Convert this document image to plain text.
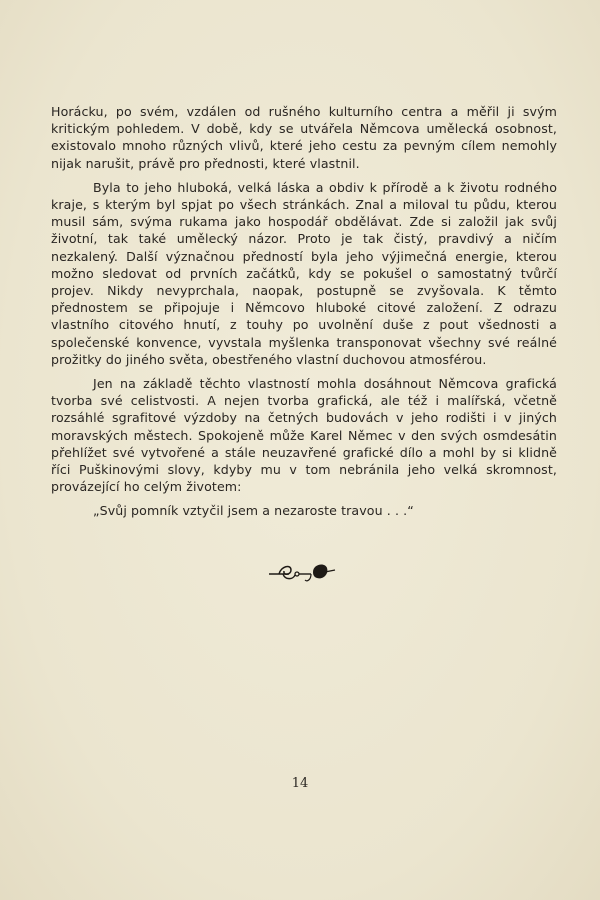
Horácku, po svém, vzdálen od rušného kulturního centra a měřil ji svým kritickým pohledem. V době, kdy se utvářela Němcova umělecká osobnost, existovalo mnoho různých vlivů, které jeho cestu za pevným cílem nemohly nijak narušit, právě pro přednosti, které vlastnil.

Byla to jeho hluboká, velká láska a obdiv k přírodě a k životu rodného kraje, s kterým byl spjat po všech stránkách. Znal a miloval tu půdu, kterou musil sám, svýma rukama jako hospodář obdělávat. Zde si založil jak svůj životní, tak také umělecký názor. Proto je tak čistý, pravdivý a ničím nezkalený. Další význačnou předností byla jeho výjimečná energie, kterou možno sledovat od prvních začátků, kdy se pokušel o samostatný tvůrčí projev. Nikdy nevyprchala, naopak, postupně se zvyšovala. K těmto přednostem se připojuje i Němcovo hluboké citové založení. Z odrazu vlastního citového hnutí, z touhy po uvolnění duše z pout všednosti a společenské konvence, vyvstala myšlenka transponovat všechny své reálné prožitky do jiného světa, obestřeného vlastní duchovou atmosférou.

Jen na základě těchto vlastností mohla dosáhnout Němcova grafická tvorba své celistvosti. A nejen tvorba grafická, ale též i malířská, včetně rozsáhlé sgrafitové výzdoby na četných budovách v jeho rodišti i v jiných moravských městech. Spokojeně může Karel Němec v den svých osmdesátin přehlížet své vytvořené a stále neuzavřené grafické dílo a mohl by si klidně říci Puškinovými slovy, kdyby mu v tom nebránila jeho velká skromnost, provázející ho celým životem:

„Svůj pomník vztyčil jsem a nezaroste travou . . .“

14
